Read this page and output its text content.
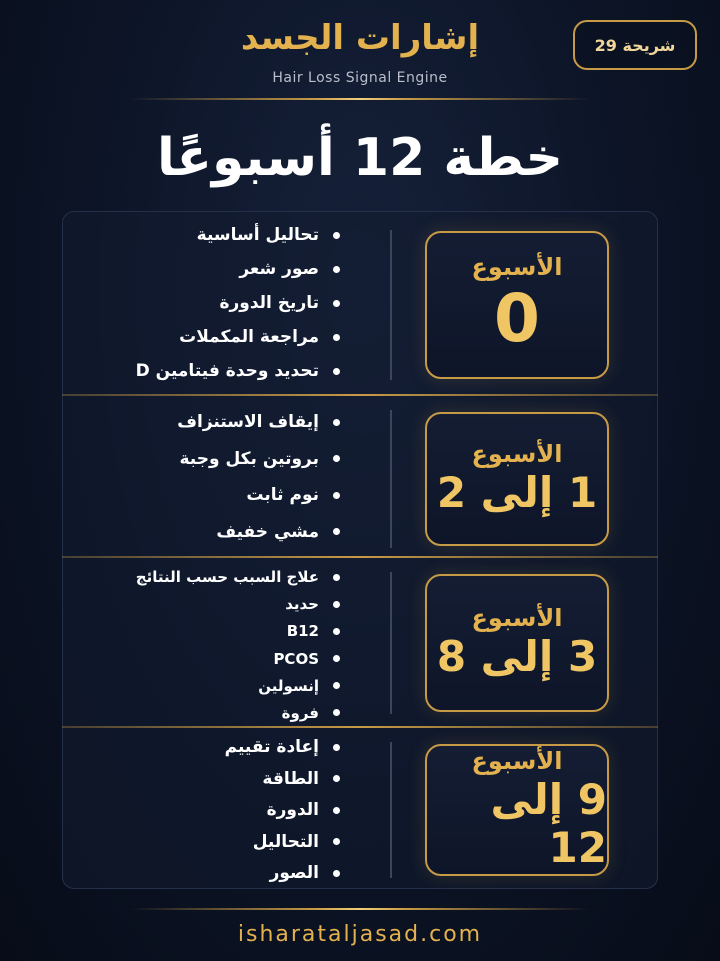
إشارات الجسد
Hair Loss Signal Engine
شريحة 29
خطة 12 أسبوعًا
الأسبوع
0
تحاليل أساسية
صور شعر
تاريخ الدورة
مراجعة المكملات
تحديد وحدة فيتامين D
الأسبوع
1 إلى 2
إيقاف الاستنزاف
بروتين بكل وجبة
نوم ثابت
مشي خفيف
الأسبوع
3 إلى 8
علاج السبب حسب النتائج
حديد
B12
PCOS
إنسولين
فروة
الأسبوع
9 إلى 12
إعادة تقييم
الطاقة
الدورة
التحاليل
الصور
isharataljasad.com
